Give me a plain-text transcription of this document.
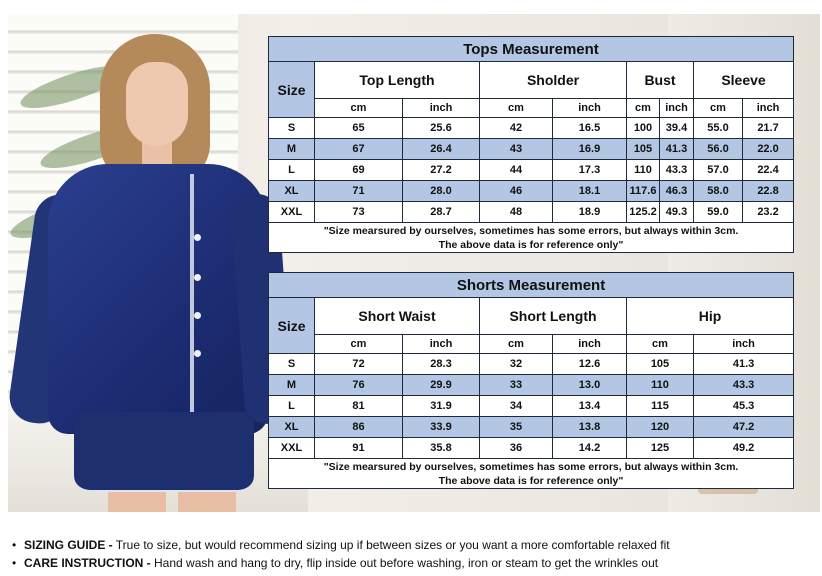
Tops Measurement								
Size	Top Length		Sholder		Bust		Sleeve	
	cm	inch	cm	inch	cm	inch	cm	inch
S	65	25.6	42	16.5	100	39.4	55.0	21.7
M	67	26.4	43	16.9	105	41.3	56.0	22.0
L	69	27.2	44	17.3	110	43.3	57.0	22.4
XL	71	28.0	46	18.1	117.6	46.3	58.0	22.8
XXL	73	28.7	48	18.9	125.2	49.3	59.0	23.2

"Size mearsured by ourselves, sometimes has some errors, but always within 3cm.
The above data is for reference only"								
Shorts Measurement						
Size	Short Waist		Short Length		Hip	
	cm	inch	cm	inch	cm	inch
S	72	28.3	32	12.6	105	41.3
M	76	29.9	33	13.0	110	43.3
L	81	31.9	34	13.4	115	45.3
XL	86	33.9	35	13.8	120	47.2
XXL	91	35.8	36	14.2	125	49.2

"Size mearsured by ourselves, sometimes has some errors, but always within 3cm.
The above data is for reference only"						
• SIZING GUIDE - True to size, but would recommend sizing up if between sizes or you want a more comfortable relaxed fit
• CARE INSTRUCTION - Hand wash and hang to dry, flip inside out before washing, iron or steam to get the wrinkles out
